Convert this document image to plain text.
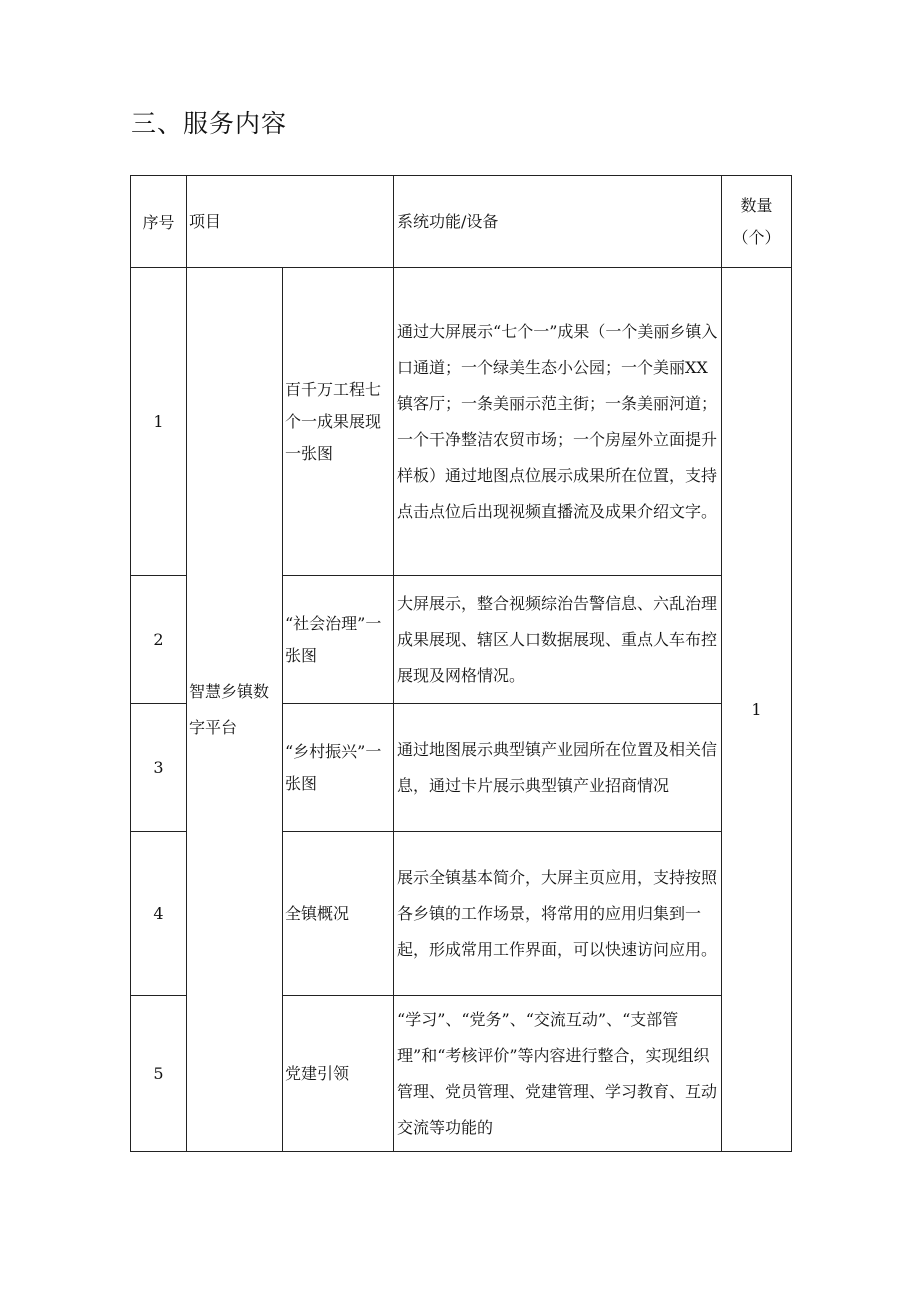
三、服务内容
序号	项目		系统功能/设备	数量（个）
1	智慧乡镇数字平台	百千万工程七个一成果展现一张图	通过大屏展示“七个一”成果（一个美丽乡镇入口通道；一个绿美生态小公园；一个美丽XX镇客厅；一条美丽示范主街；一条美丽河道；一个干净整洁农贸市场；一个房屋外立面提升样板）通过地图点位展示成果所在位置，支持点击点位后出现视频直播流及成果介绍文字。	1
2		“社会治理”一张图	大屏展示，整合视频综治告警信息、六乱治理成果展现、辖区人口数据展现、重点人车布控展现及网格情况。	
3		“乡村振兴”一张图	通过地图展示典型镇产业园所在位置及相关信息，通过卡片展示典型镇产业招商情况	
4		全镇概况	展示全镇基本简介，大屏主页应用，支持按照各乡镇的工作场景，将常用的应用归集到一起，形成常用工作界面，可以快速访问应用。	
5		党建引领	“学习”、“党务”、“交流互动”、“支部管理”和“考核评价”等内容进行整合，实现组织管理、党员管理、党建管理、学习教育、互动交流等功能的	
